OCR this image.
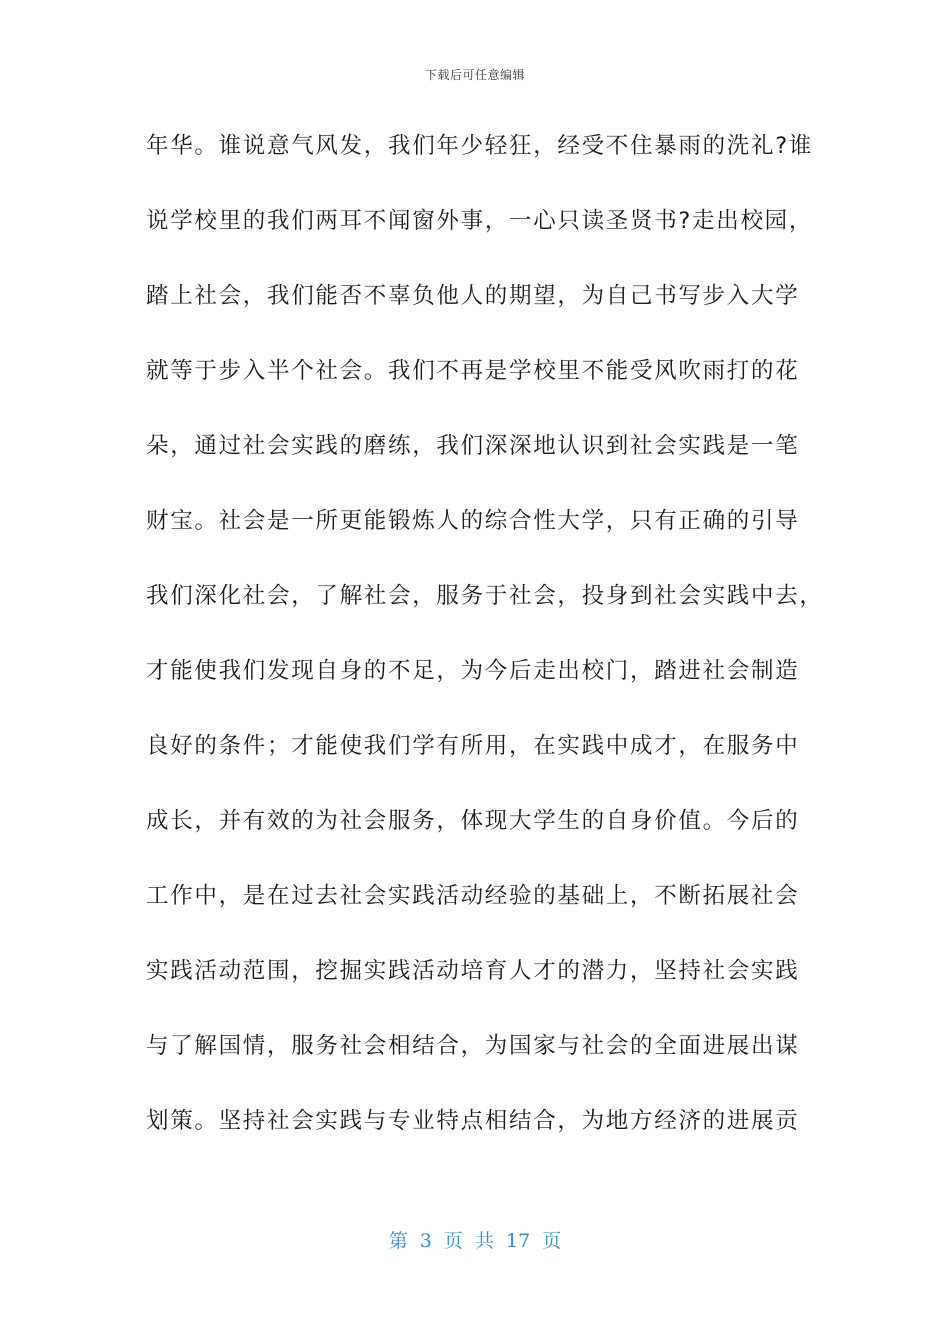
下载后可任意编辑
年华。谁说意气风发，我们年少轻狂，经受不住暴雨的洗礼?谁
说学校里的我们两耳不闻窗外事，一心只读圣贤书?走出校园，
踏上社会，我们能否不辜负他人的期望，为自己书写步入大学
就等于步入半个社会。我们不再是学校里不能受风吹雨打的花
朵，通过社会实践的磨练，我们深深地认识到社会实践是一笔
财宝。社会是一所更能锻炼人的综合性大学，只有正确的引导
我们深化社会，了解社会，服务于社会，投身到社会实践中去，
才能使我们发现自身的不足，为今后走出校门，踏进社会制造
良好的条件；才能使我们学有所用，在实践中成才，在服务中
成长，并有效的为社会服务，体现大学生的自身价值。今后的
工作中，是在过去社会实践活动经验的基础上，不断拓展社会
实践活动范围，挖掘实践活动培育人才的潜力，坚持社会实践
与了解国情，服务社会相结合，为国家与社会的全面进展出谋
划策。坚持社会实践与专业特点相结合，为地方经济的进展贡
第 3 页 共 17 页
